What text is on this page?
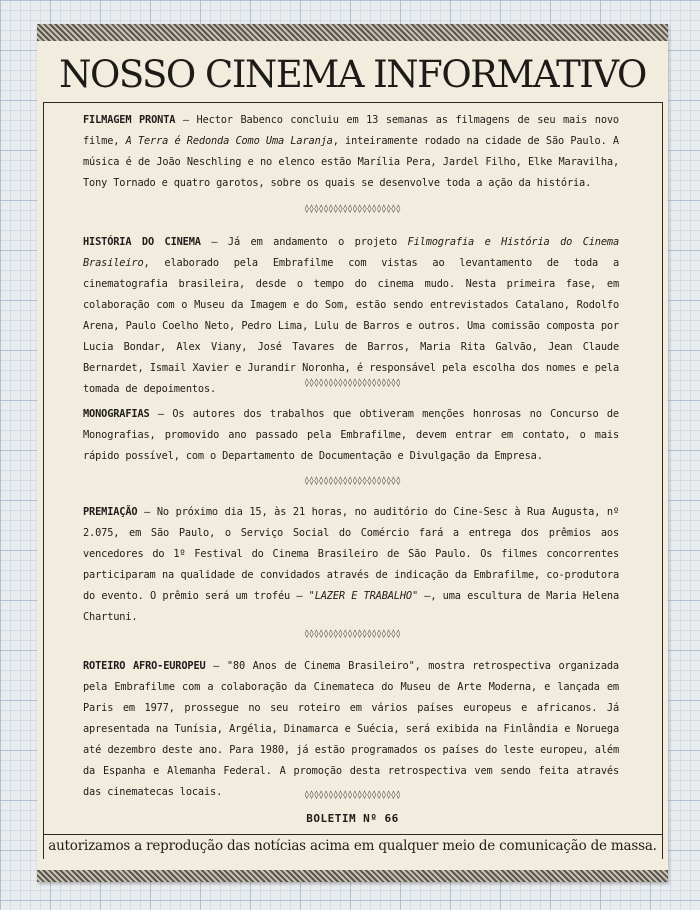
NOSSO CINEMA INFORMATIVO

FILMAGEM PRONTA — Hector Babenco concluiu em 13 semanas as filmagens de seu mais novo filme, A Terra é Redonda Como Uma Laranja, inteiramente rodado na cidade de São Paulo. A música é de João Neschling e no elenco estão Marília Pera, Jardel Filho, Elke Maravilha, Tony Tornado e quatro garotos, sobre os quais se desenvolve toda a ação da história.

◊◊◊◊◊◊◊◊◊◊◊◊◊◊◊◊◊◊◊◊

HISTÓRIA DO CINEMA — Já em andamento o projeto Filmografia e História do Cinema Brasileiro, elaborado pela Embrafilme com vistas ao levantamento de toda a cinematografia brasileira, desde o tempo do cinema mudo. Nesta primeira fase, em colaboração com o Museu da Imagem e do Som, estão sendo entrevistados Catalano, Rodolfo Arena, Paulo Coelho Neto, Pedro Lima, Lulu de Barros e outros. Uma comissão composta por Lucia Bondar, Alex Viany, José Tavares de Barros, Maria Rita Galvão, Jean Claude Bernardet, Ismail Xavier e Jurandir Noronha, é responsável pela escolha dos nomes e pela tomada de depoimentos.

◊◊◊◊◊◊◊◊◊◊◊◊◊◊◊◊◊◊◊◊

MONOGRAFIAS — Os autores dos trabalhos que obtiveram menções honrosas no Concurso de Monografias, promovido ano passado pela Embrafilme, devem entrar em contato, o mais rápido possível, com o Departamento de Documentação e Divulgação da Empresa.

◊◊◊◊◊◊◊◊◊◊◊◊◊◊◊◊◊◊◊◊

PREMIAÇÃO — No próximo dia 15, às 21 horas, no auditório do Cine-Sesc à Rua Augusta, nº 2.075, em São Paulo, o Serviço Social do Comércio fará a entrega dos prêmios aos vencedores do 1º Festival do Cinema Brasileiro de São Paulo. Os filmes concorrentes participaram na qualidade de convidados através de indicação da Embrafilme, co-produtora do evento. O prêmio será um troféu — "LAZER E TRABALHO" —, uma escultura de Maria Helena Chartuni.

◊◊◊◊◊◊◊◊◊◊◊◊◊◊◊◊◊◊◊◊

ROTEIRO AFRO-EUROPEU — "80 Anos de Cinema Brasileiro", mostra retrospectiva organizada pela Embrafilme com a colaboração da Cinemateca do Museu de Arte Moderna, e lançada em Paris em 1977, prossegue no seu roteiro em vários países europeus e africanos. Já apresentada na Tunísia, Argélia, Dinamarca e Suécia, será exibida na Finlândia e Noruega até dezembro deste ano. Para 1980, já estão programados os países do leste europeu, além da Espanha e Alemanha Federal. A promoção desta retrospectiva vem sendo feita através das cinematecas locais.	◊◊◊◊◊◊◊◊◊◊◊◊◊◊◊◊◊◊◊◊
BOLETIM Nº 66
autorizamos a reprodução das notícias acima em qualquer meio de comunicação de massa.
